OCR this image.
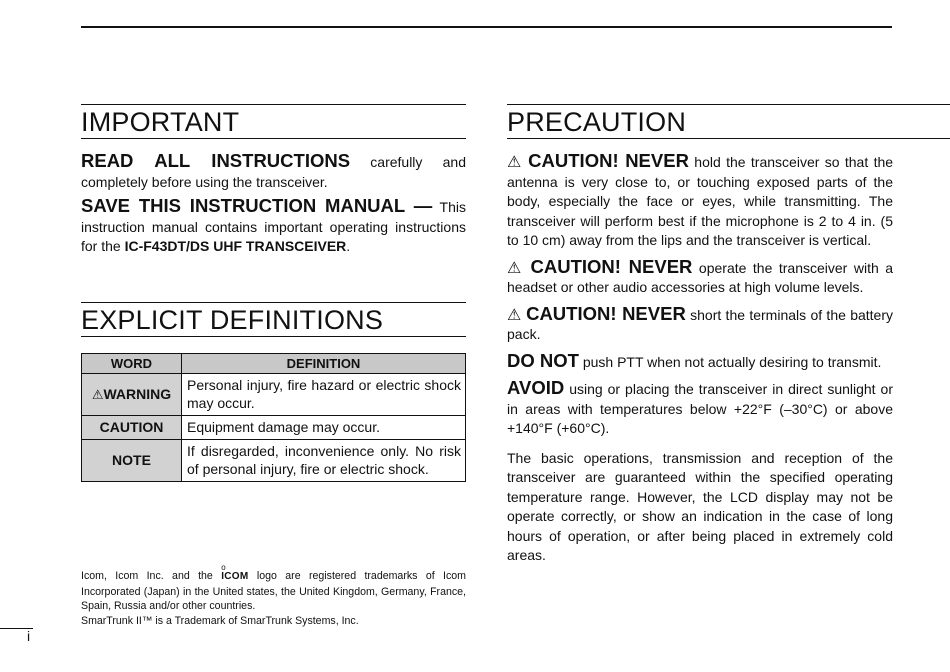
IMPORTANT

READ ALL INSTRUCTIONS carefully and completely before using the transceiver.

SAVE THIS INSTRUCTION MANUAL — This instruction manual contains important operating instructions for the IC-F43DT/DS UHF TRANSCEIVER.

EXPLICIT DEFINITIONS
WORD	DEFINITION
⚠WARNING	Personal injury, fire hazard or electric shock may occur.
CAUTION	Equipment damage may occur.
NOTE	If disregarded, inconvenience only. No risk of personal injury, fire or electric shock.
Icom, Icom Inc. and the
o
ICOM logo are registered trademarks of Icom Incorporated (Japan) in the United states, the United Kingdom, Germany, France, Spain, Russia and/or other countries.
SmarTrunk II™ is a Trademark of SmarTrunk Systems, Inc.
i
PRECAUTION

⚠ CAUTION! NEVER hold the transceiver so that the antenna is very close to, or touching exposed parts of the body, especially the face or eyes, while transmitting. The transceiver will perform best if the microphone is 2 to 4 in. (5 to 10 cm) away from the lips and the transceiver is vertical.

⚠ CAUTION! NEVER operate the transceiver with a headset or other audio accessories at high volume levels.

⚠ CAUTION! NEVER short the terminals of the battery pack.

DO NOT push PTT when not actually desiring to transmit.

AVOID using or placing the transceiver in direct sunlight or in areas with temperatures below +22°F (–30°C) or above +140°F (+60°C).

The basic operations, transmission and reception of the transceiver are guaranteed within the specified operating temperature range. However, the LCD display may not be operate correctly, or show an indication in the case of long hours of operation, or after being placed in extremely cold areas.
